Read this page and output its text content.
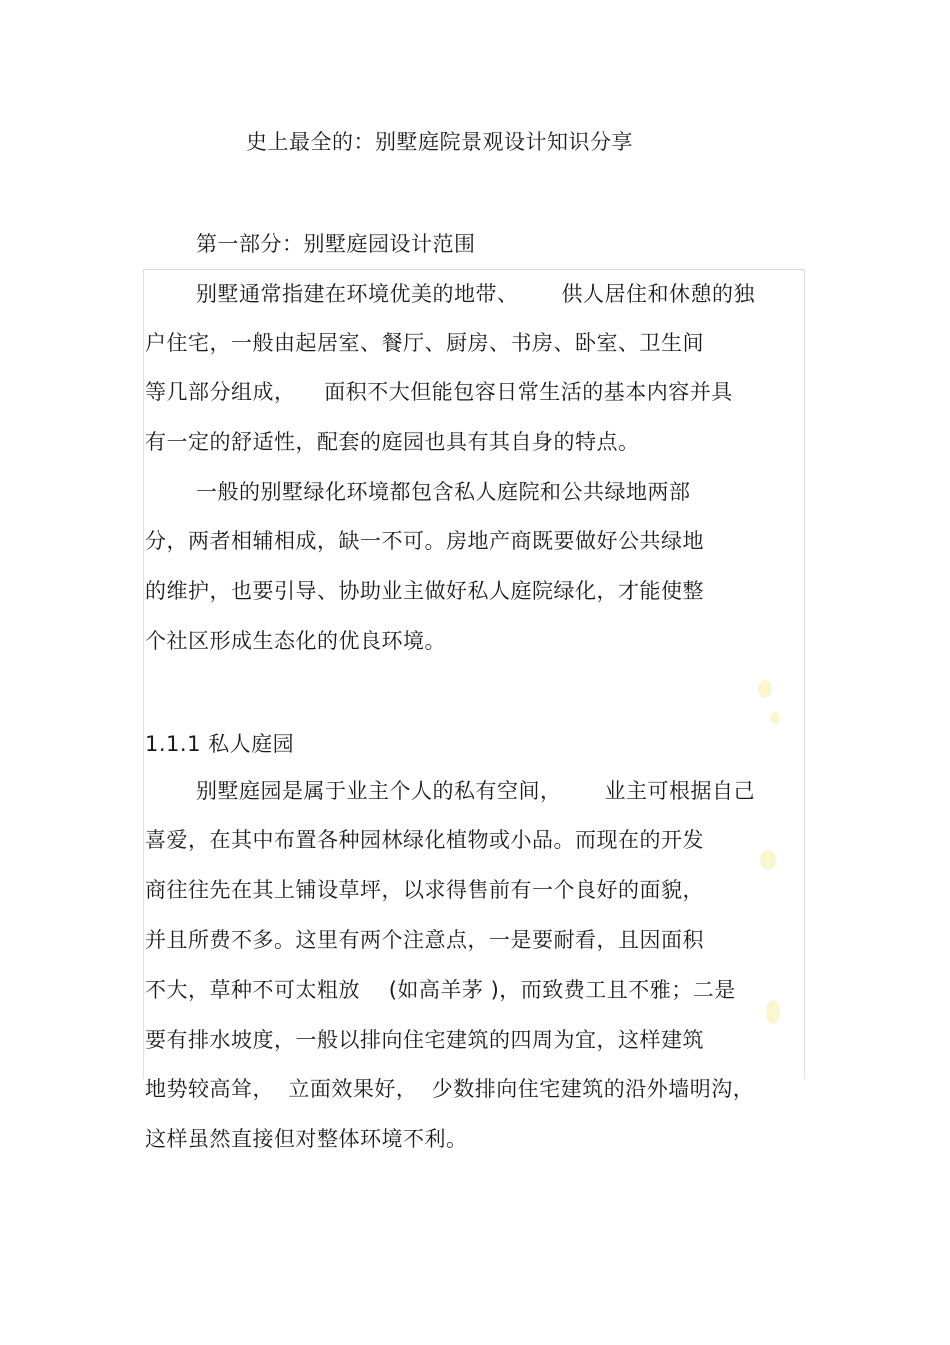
史上最全的：别墅庭院景观设计知识分享
第一部分：别墅庭园设计范围
别墅通常指建在环境优美的地带、      供人居住和休憩的独
户住宅，一般由起居室、餐厅、厨房、书房、卧室、卫生间
等几部分组成，    面积不大但能包容日常生活的基本内容并具
有一定的舒适性，配套的庭园也具有其自身的特点。
一般的别墅绿化环境都包含私人庭院和公共绿地两部
分，两者相辅相成，缺一不可。房地产商既要做好公共绿地
的维护，也要引导、协助业主做好私人庭院绿化，才能使整
个社区形成生态化的优良环境。
1.1.1 私人庭园
别墅庭园是属于业主个人的私有空间，      业主可根据自己
喜爱，在其中布置各种园林绿化植物或小品。而现在的开发
商往往先在其上铺设草坪，以求得售前有一个良好的面貌，
并且所费不多。这里有两个注意点，一是要耐看，且因面积
不大，草种不可太粗放    (如高羊茅 )，而致费工且不雅；二是
要有排水坡度，一般以排向住宅建筑的四周为宜，这样建筑
地势较高耸，  立面效果好，  少数排向住宅建筑的沿外墙明沟，
这样虽然直接但对整体环境不利。
